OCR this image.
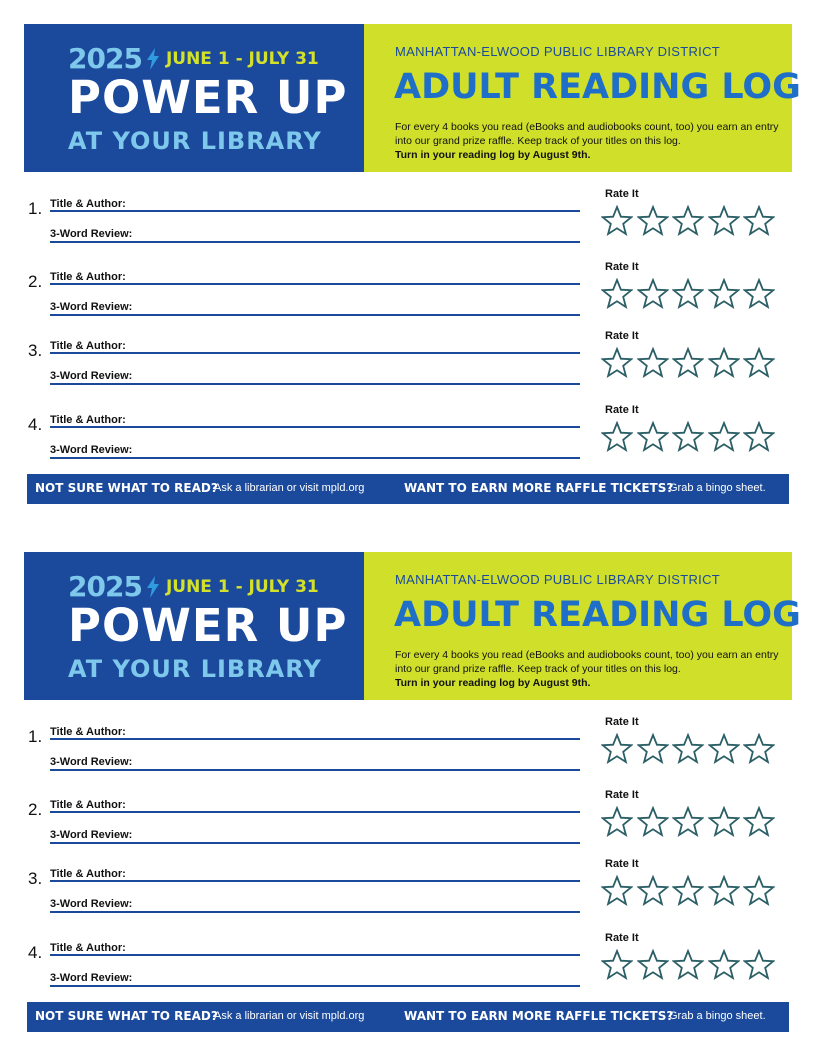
2025 JUNE 1 - JULY 31
POWER UP
AT YOUR LIBRARY
MANHATTAN-ELWOOD PUBLIC LIBRARY DISTRICT
ADULT READING LOG
For every 4 books you read (eBooks and audiobooks count, too) you earn an entry into our grand prize raffle. Keep track of your titles on this log.
Turn in your reading log by August 9th.
1. Title & Author:
3-Word Review:
Rate It
2. Title & Author:
3-Word Review:
Rate It
3. Title & Author:
3-Word Review:
Rate It
4. Title & Author:
3-Word Review:
Rate It
NOT SURE WHAT TO READ?
Ask a librarian or visit mpld.org	WANT TO EARN MORE RAFFLE TICKETS?
Grab a bingo sheet.
2025 JUNE 1 - JULY 31
POWER UP
AT YOUR LIBRARY
MANHATTAN-ELWOOD PUBLIC LIBRARY DISTRICT
ADULT READING LOG
For every 4 books you read (eBooks and audiobooks count, too) you earn an entry into our grand prize raffle. Keep track of your titles on this log.
Turn in your reading log by August 9th.
1. Title & Author:
3-Word Review:
Rate It
2. Title & Author:
3-Word Review:
Rate It
3. Title & Author:
3-Word Review:
Rate It
4. Title & Author:
3-Word Review:
Rate It
NOT SURE WHAT TO READ?
Ask a librarian or visit mpld.org	WANT TO EARN MORE RAFFLE TICKETS?
Grab a bingo sheet.
